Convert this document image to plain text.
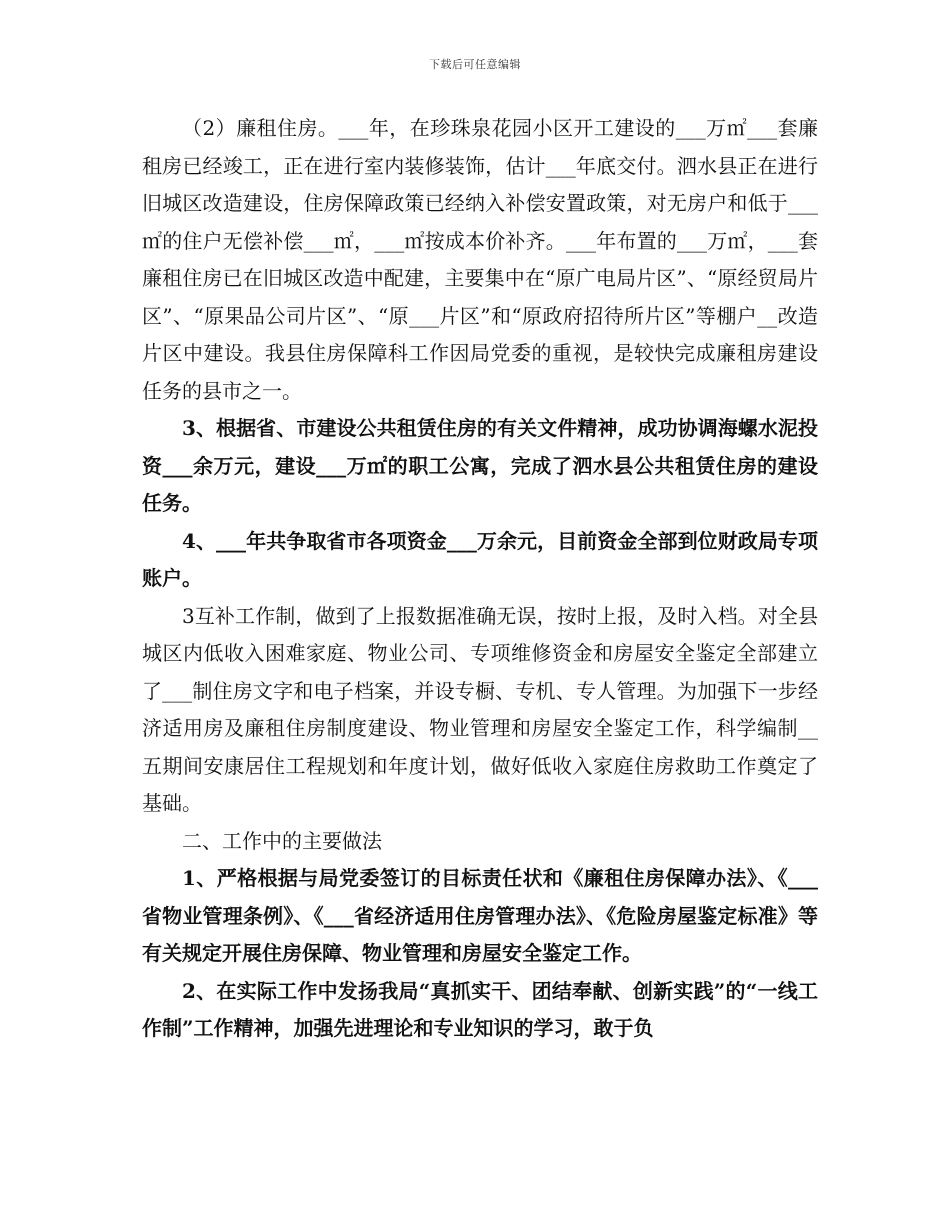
下载后可任意编辑

（2）廉租住房。___年，在珍珠泉花园小区开工建设的___万㎡___套廉租房已经竣工，正在进行室内装修装饰，估计___年底交付。泗水县正在进行旧城区改造建设，住房保障政策已经纳入补偿安置政策，对无房户和低于___㎡的住户无偿补偿___㎡，___㎡按成本价补齐。___年布置的___万㎡，___套廉租住房已在旧城区改造中配建，主要集中在“原广电局片区”、“原经贸局片区”、“原果品公司片区”、“原___片区”和“原政府招待所片区”等棚户__改造片区中建设。我县住房保障科工作因局党委的重视，是较快完成廉租房建设任务的县市之一。

3、根据省、市建设公共租赁住房的有关文件精神，成功协调海螺水泥投资___余万元，建设___万㎡的职工公寓，完成了泗水县公共租赁住房的建设任务。

4、___年共争取省市各项资金___万余元，目前资金全部到位财政局专项账户。

3互补工作制，做到了上报数据准确无误，按时上报，及时入档。对全县城区内低收入困难家庭、物业公司、专项维修资金和房屋安全鉴定全部建立了___制住房文字和电子档案，并设专橱、专机、专人管理。为加强下一步经济适用房及廉租住房制度建设、物业管理和房屋安全鉴定工作，科学编制__五期间安康居住工程规划和年度计划，做好低收入家庭住房救助工作奠定了基础。

二、工作中的主要做法

1、严格根据与局党委签订的目标责任状和《廉租住房保障办法》、《___省物业管理条例》、《___省经济适用住房管理办法》、《危险房屋鉴定标准》等有关规定开展住房保障、物业管理和房屋安全鉴定工作。

2、在实际工作中发扬我局“真抓实干、团结奉献、创新实践”的“一线工作制”工作精神，加强先进理论和专业知识的学习，敢于负
